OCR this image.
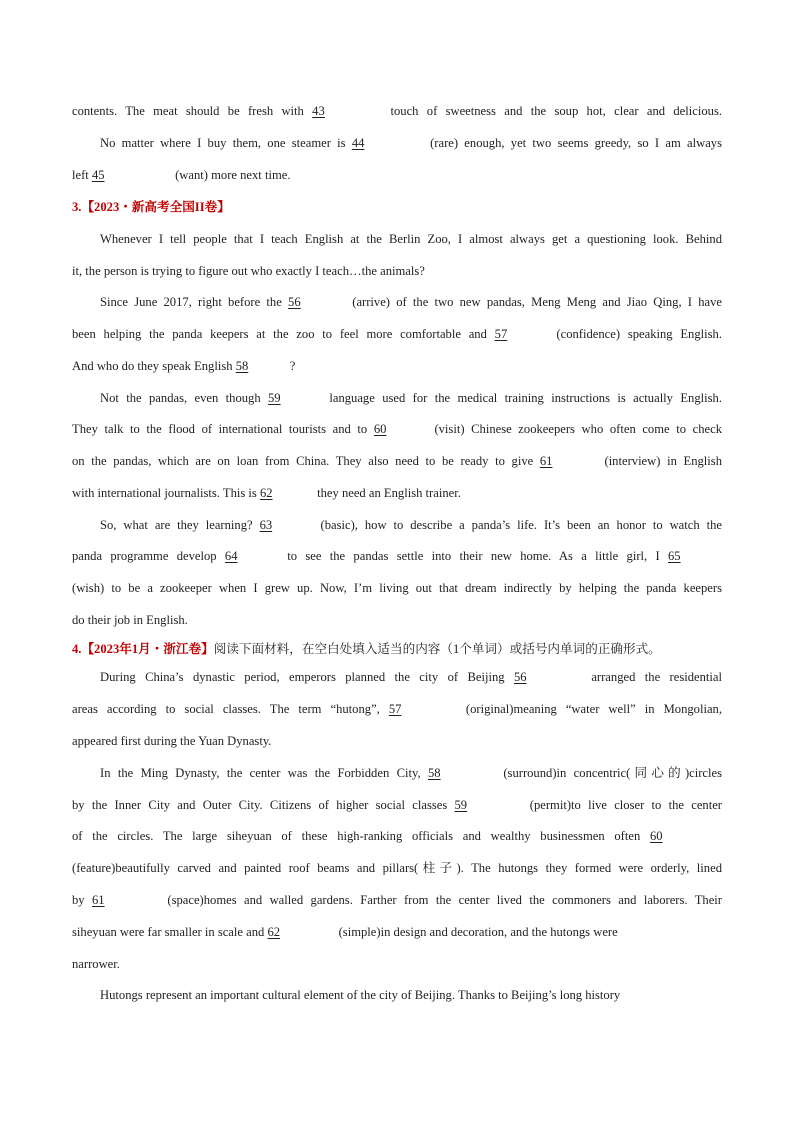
contents. The meat should be fresh with 43	touch of sweetness and the soup hot, clear and delicious.
No matter where I buy them, one steamer is 44	(rare) enough, yet two seems greedy, so I am always
left 45	(want) more next time.
3.【2023・新高考全国II卷】
Whenever I tell people that I teach English at the Berlin Zoo, I almost always get a questioning look. Behind
it, the person is trying to figure out who exactly I teach…the animals?
Since June 2017, right before the 56	(arrive) of the two new pandas, Meng Meng and Jiao Qing, I have
been helping the panda keepers at the zoo to feel more comfortable and 57	(confidence) speaking English.
And who do they speak English 58	?
Not the pandas, even though 59	language used for the medical training instructions is actually English.
They talk to the flood of international tourists and to 60	(visit) Chinese zookeepers who often come to check
on the pandas, which are on loan from China. They also need to be ready to give 61	(interview) in English
with international journalists. This is 62	they need an English trainer.
So, what are they learning? 63	(basic), how to describe a panda’s life. It’s been an honor to watch the
panda programme develop 64	to see the pandas settle into their new home. As a little girl, I 65
(wish) to be a zookeeper when I grew up. Now, I’m living out that dream indirectly by helping the panda keepers
do their job in English.
4.【2023年1月・浙江卷】阅读下面材料，在空白处填入适当的内容（1个单词）或括号内单词的正确形式。
During China’s dynastic period, emperors planned the city of Beijing 56	arranged the residential
areas according to social classes. The term “hutong”, 57	(original)meaning “water well” in Mongolian,
appeared first during the Yuan Dynasty.
In the Ming Dynasty, the center was the Forbidden City, 58	(surround)in concentric(同心的)circles
by the Inner City and Outer City. Citizens of higher social classes 59	(permit)to live closer to the center
of the circles. The large siheyuan of these high-ranking officials and wealthy businessmen often 60
(feature)beautifully carved and painted roof beams and pillars(柱子). The hutongs they formed were orderly, lined
by 61	(space)homes and walled gardens. Farther from the center lived the commoners and laborers. Their
siheyuan were far smaller in scale and 62	(simple)in design and decoration, and the hutongs were
narrower.
Hutongs represent an important cultural element of the city of Beijing. Thanks to Beijing’s long history
